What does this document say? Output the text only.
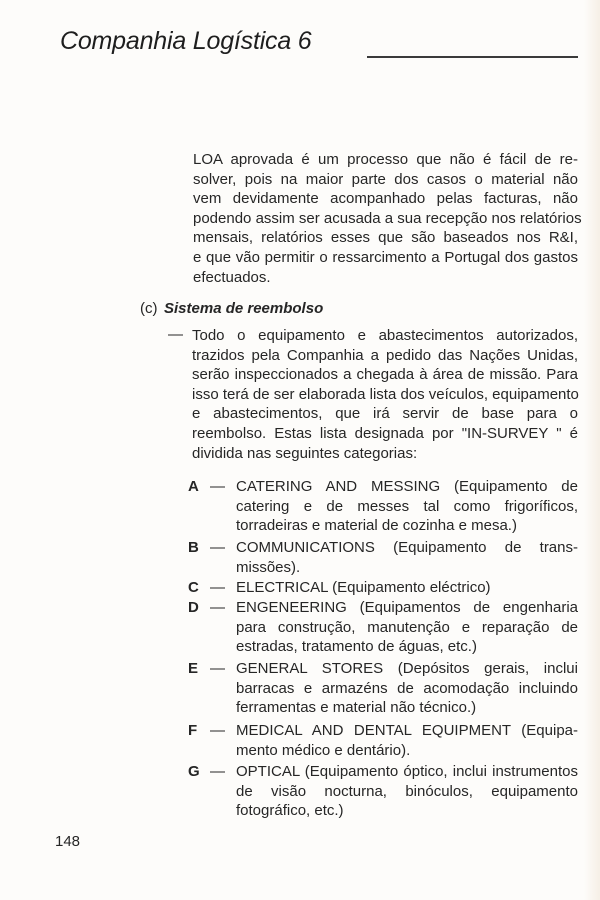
Companhia Logística 6
LOA aprovada é um processo que não é fácil de re-
solver, pois na maior parte dos casos o material não
vem devidamente acompanhado pelas facturas, não
podendo assim ser acusada a sua recepção nos relatórios
mensais, relatórios esses que são baseados nos R&I,
e que vão permitir o ressarcimento a Portugal dos gastos
efectuados.
(c) Sistema de reembolso
— Todo o equipamento e abastecimentos autorizados,
trazidos pela Companhia a pedido das Nações Unidas,
serão inspeccionados a chegada à área de missão. Para
isso terá de ser elaborada lista dos veículos, equipamento
e abastecimentos, que irá servir de base para o
reembolso. Estas lista designada por "IN-SURVEY " é
dividida nas seguintes categorias:
A — CATERING AND MESSING (Equipamento de
catering e de messes tal como frigoríficos,
torradeiras e material de cozinha e mesa.)
B — COMMUNICATIONS (Equipamento de trans-
missões).
C — ELECTRICAL (Equipamento eléctrico)
D — ENGENEERING (Equipamentos de engenharia
para construção, manutenção e reparação de
estradas, tratamento de águas, etc.)
E — GENERAL STORES (Depósitos gerais, inclui
barracas e armazéns de acomodação incluindo
ferramentas e material não técnico.)
F — MEDICAL AND DENTAL EQUIPMENT (Equipa-
mento médico e dentário).
G — OPTICAL (Equipamento óptico, inclui instrumentos
de visão nocturna, binóculos, equipamento
fotográfico, etc.)
148
